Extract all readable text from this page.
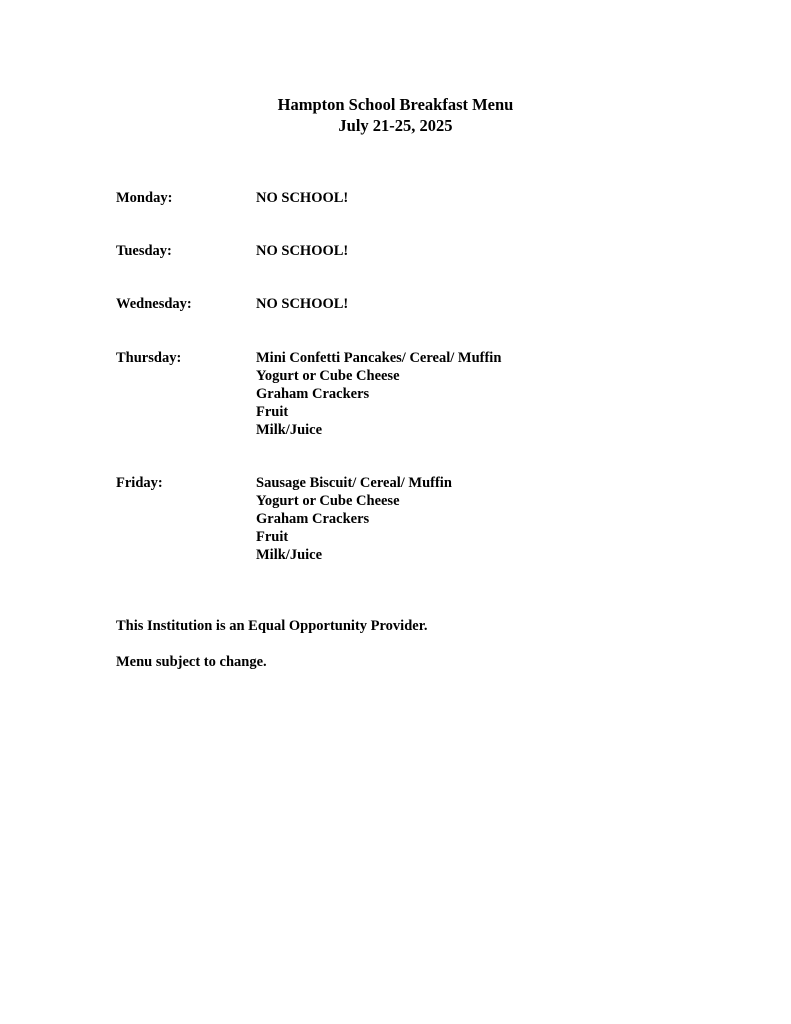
Hampton School Breakfast Menu

July 21-25, 2025

Monday:	NO SCHOOL!
Tuesday:	NO SCHOOL!
Wednesday:	NO SCHOOL!
Thursday:	Mini Confetti Pancakes/ Cereal/ Muffin
Yogurt or Cube Cheese
Graham Crackers
Fruit
Milk/Juice
Friday:	Sausage Biscuit/ Cereal/ Muffin
Yogurt or Cube Cheese
Graham Crackers
Fruit
Milk/Juice
This Institution is an Equal Opportunity Provider.
Menu subject to change.
